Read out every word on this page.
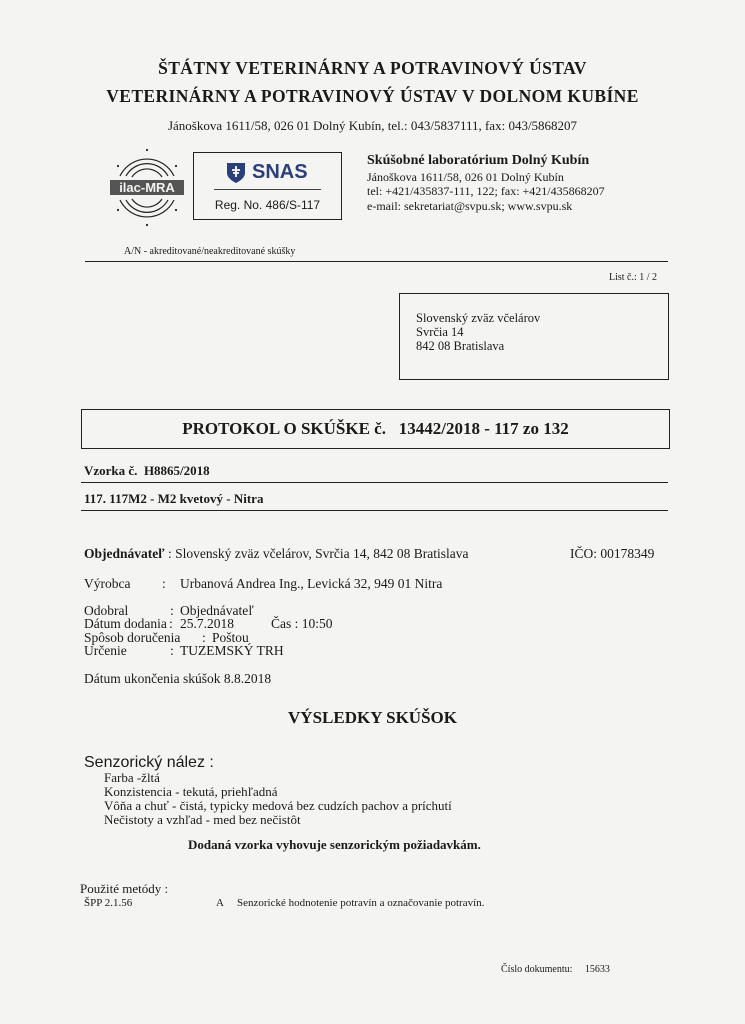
ŠTÁTNY VETERINÁRNY A POTRAVINOVÝ ÚSTAV
VETERINÁRNY A POTRAVINOVÝ ÚSTAV V DOLNOM KUBÍNE
Jánoškova 1611/58, 026 01 Dolný Kubín, tel.: 043/5837111, fax: 043/5868207
ilac-MRA
SNAS
Reg. No. 486/S-117
Skúšobné laboratórium Dolný Kubín
Jánoškova 1611/58, 026 01 Dolný Kubín
tel: +421/435837-111, 122; fax: +421/435868207
e-mail: sekretariat@svpu.sk; www.svpu.sk
A/N - akreditované/neakreditované skúšky
List č.: 1 / 2
Slovenský zväz včelárov
Svrčia 14
842 08 Bratislava
PROTOKOL O SKÚŠKE č. 13442/2018 - 117 zo 132
Vzorka č. H8865/2018
117. 117M2 - M2 kvetový - Nitra
Objednávateľ : Slovenský zväz včelárov, Svrčia 14, 842 08 Bratislava	IČO: 00178349
Výrobca : Urbanová Andrea Ing., Levická 32, 949 01 Nitra
Odobral	: Objednávateľ
Dátum dodania : 25.7.2018	Čas : 10:50
Spôsob doručenia : Poštou
Určenie	: TUZEMSKÝ TRH
Dátum ukončenia skúšok 8.8.2018
VÝSLEDKY SKÚŠOK
Senzorický nález :
Farba -žltá
Konzistencia - tekutá, priehľadná
Vôňa a chuť - čistá, typicky medová bez cudzích pachov a príchutí
Nečistoty a vzhľad - med bez nečistôt
Dodaná vzorka vyhovuje senzorickým požiadavkám.
Použité metódy :
ŠPP 2.1.56	A Senzorické hodnotenie potravín a označovanie potravín.
Číslo dokumentu: 15633
